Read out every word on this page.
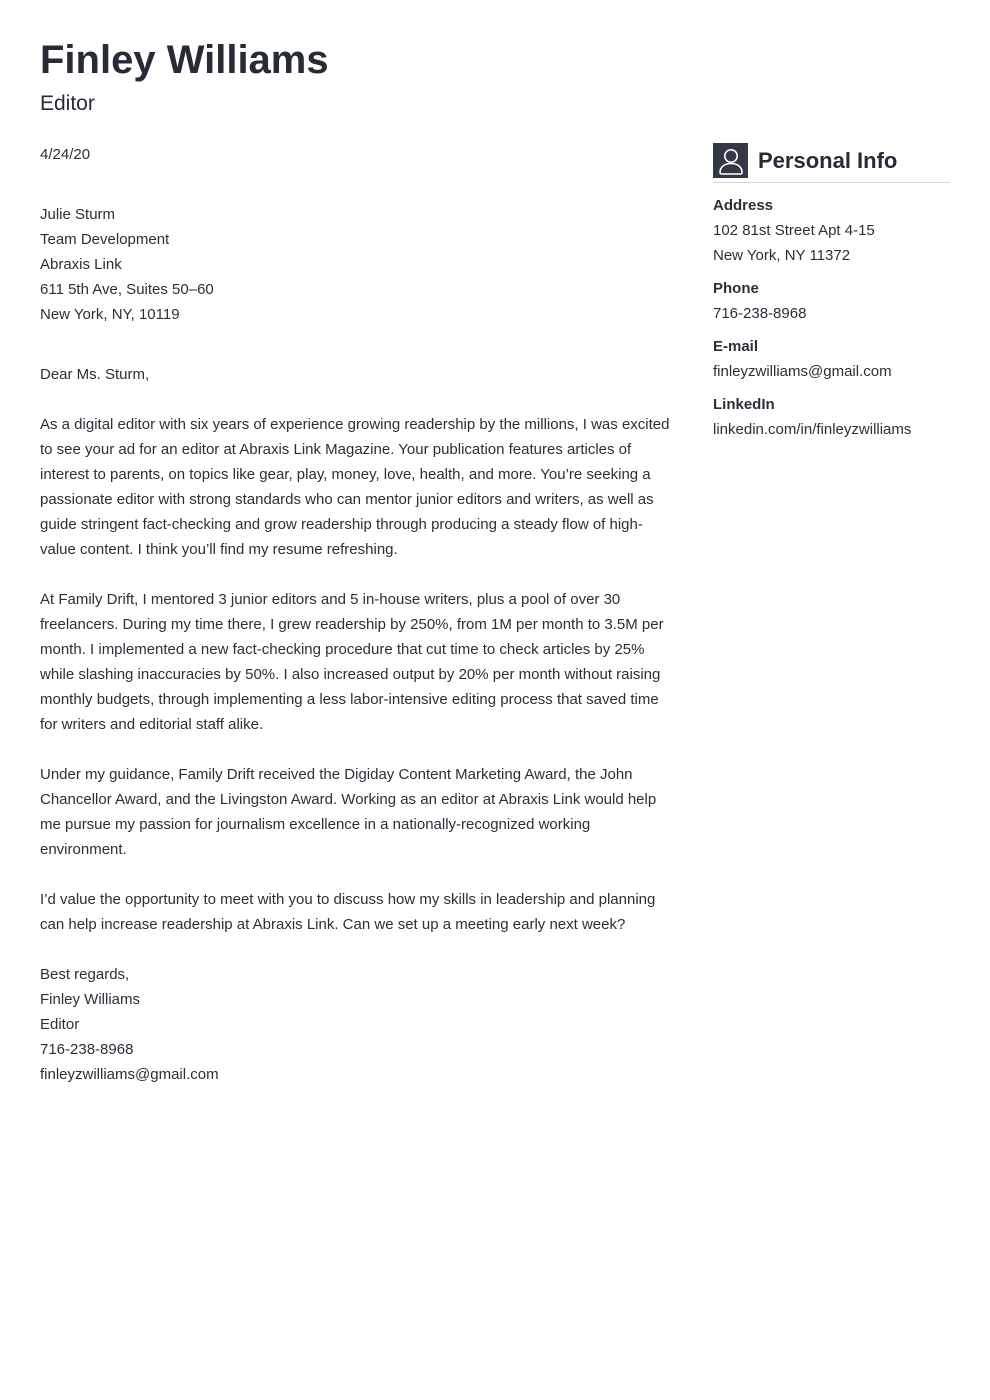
Finley Williams
Editor

4/24/20

Julie Sturm
Team Development
Abraxis Link
611 5th Ave, Suites 50–60
New York, NY, 10119

Dear Ms. Sturm,

As a digital editor with six years of experience growing readership by the millions, I was excited to see your ad for an editor at Abraxis Link Magazine. Your publication features articles of interest to parents, on topics like gear, play, money, love, health, and more. You’re seeking a passionate editor with strong standards who can mentor junior editors and writers, as well as guide stringent fact-checking and grow readership through producing a steady flow of high-value content. I think you’ll find my resume refreshing.

At Family Drift, I mentored 3 junior editors and 5 in-house writers, plus a pool of over 30 freelancers. During my time there, I grew readership by 250%, from 1M per month to 3.5M per month. I implemented a new fact-checking procedure that cut time to check articles by 25% while slashing inaccuracies by 50%. I also increased output by 20% per month without raising monthly budgets, through implementing a less labor-intensive editing process that saved time for writers and editorial staff alike.

Under my guidance, Family Drift received the Digiday Content Marketing Award, the John Chancellor Award, and the Livingston Award. Working as an editor at Abraxis Link would help me pursue my passion for journalism excellence in a nationally-recognized working environment.

I’d value the opportunity to meet with you to discuss how my skills in leadership and planning can help increase readership at Abraxis Link. Can we set up a meeting early next week?

Best regards,
Finley Williams
Editor
716-238-8968
finleyzwilliams@gmail.com
Personal Info
Address
102 81st Street Apt 4-15
New York, NY 11372
Phone
716-238-8968
E-mail
finleyzwilliams@gmail.com
LinkedIn
linkedin.com/in/finleyzwilliams
